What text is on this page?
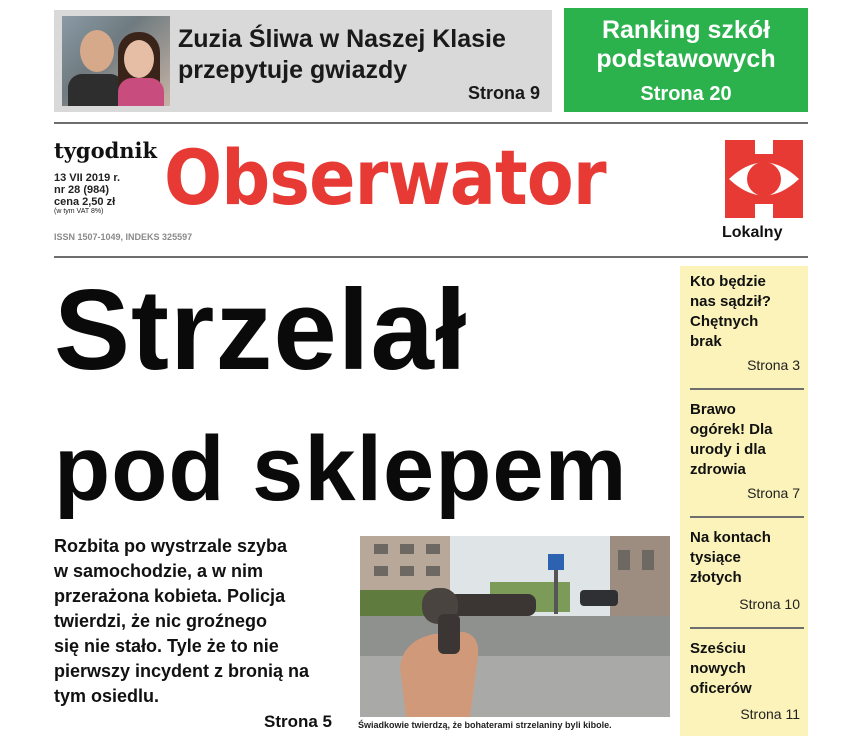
Zuzia Śliwa w Naszej Klasie
przepytuje gwiazdy
Strona 9
Ranking szkół
podstawowych
Strona 20
tygodnik
13 VII 2019 r.
nr 28 (984)
cena 2,50 zł
(w tym VAT 8%)
ISSN 1507-1049, INDEKS 325597
Obserwator
Lokalny
Strzelał
pod sklepem
Rozbita po wystrzale szyba
w samochodzie, a w nim
przerażona kobieta. Policja
twierdzi, że nic groźnego
się nie stało. Tyle że to nie
pierwszy incydent z bronią na
tym osiedlu.
Strona 5	Świadkowie twierdzą, że bohaterami strzelaniny byli kibole.
Kto będzie
nas sądził?
Chętnych
brak
Strona 3
Brawo
ogórek! Dla
urody i dla
zdrowia
Strona 7
Na kontach
tysiące
złotych
Strona 10
Sześciu
nowych
oficerów
Strona 11
